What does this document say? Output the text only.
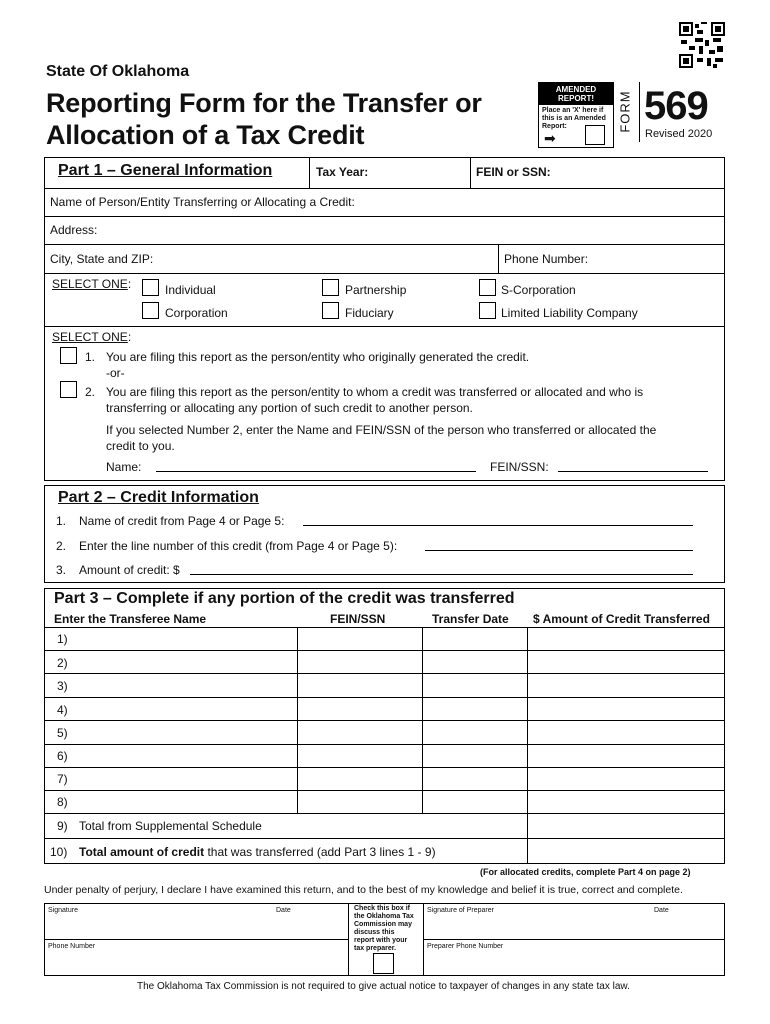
State Of Oklahoma
Reporting Form for the Transfer or
Allocation of a Tax Credit
AMENDED REPORT!
Place an 'X' here if this is an Amended Report:
➡
FORM 569
Revised 2020
Part 1 – General Information	Tax Year:	FEIN or SSN:
Name of Person/Entity Transferring or Allocating a Credit:
Address:
City, State and ZIP:	Phone Number:
SELECT ONE:	Individual	Partnership	S-Corporation
Corporation	Fiduciary	Limited Liability Company
SELECT ONE:
1. You are filing this report as the person/entity who originally generated the credit.
-or-
2. You are filing this report as the person/entity to whom a credit was transferred or allocated and who is
transferring or allocating any portion of such credit to another person.
If you selected Number 2, enter the Name and FEIN/SSN of the person who transferred or allocated the
credit to you.
Name:	FEIN/SSN:
Part 2 – Credit Information
1. Name of credit from Page 4 or Page 5:
2. Enter the line number of this credit (from Page 4 or Page 5):
3. Amount of credit: $
Part 3 – Complete if any portion of the credit was transferred
Enter the Transferee Name	FEIN/SSN	Transfer Date $ Amount of Credit Transferred
1)
2)
3)
4)
5)
6)
7)
8)
9) Total from Supplemental Schedule
10) Total amount of credit that was transferred (add Part 3 lines 1 - 9)
(For allocated credits, complete Part 4 on page 2)
Under penalty of perjury, I declare I have examined this return, and to the best of my knowledge and belief it is true, correct and complete.
Signature	Date
Phone Number
Check this box if the Oklahoma Tax Commission may discuss this report with your tax preparer.
Signature of Preparer	Date
Preparer Phone Number
The Oklahoma Tax Commission is not required to give actual notice to taxpayer of changes in any state tax law.
